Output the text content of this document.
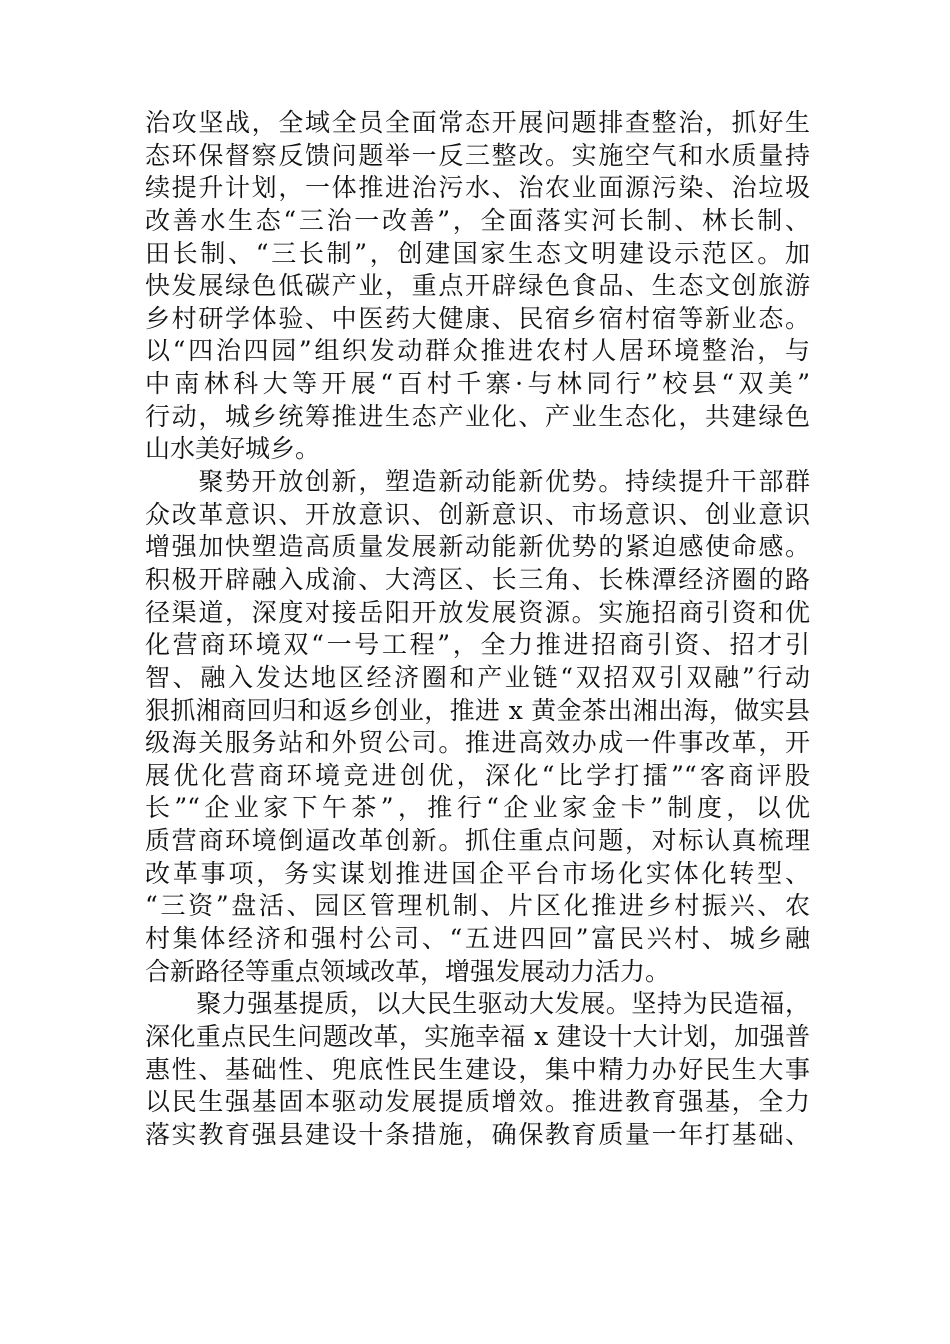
治攻坚战，全域全员全面常态开展问题排查整治，抓好生
态环保督察反馈问题举一反三整改。实施空气和水质量持
续提升计划，一体推进治污水、治农业面源污染、治垃圾
改善水生态“三治一改善”，全面落实河长制、林长制、
田长制、“三长制”，创建国家生态文明建设示范区。加
快发展绿色低碳产业，重点开辟绿色食品、生态文创旅游
乡村研学体验、中医药大健康、民宿乡宿村宿等新业态。
以“四治四园”组织发动群众推进农村人居环境整治，与
中南林科大等开展“百村千寨·与林同行”校县“双美”
行动，城乡统筹推进生态产业化、产业生态化，共建绿色
山水美好城乡。
　　聚势开放创新，塑造新动能新优势。持续提升干部群
众改革意识、开放意识、创新意识、市场意识、创业意识
增强加快塑造高质量发展新动能新优势的紧迫感使命感。
积极开辟融入成渝、大湾区、长三角、长株潭经济圈的路
径渠道，深度对接岳阳开放发展资源。实施招商引资和优
化营商环境双“一号工程”，全力推进招商引资、招才引
智、融入发达地区经济圈和产业链“双招双引双融”行动
狠抓湘商回归和返乡创业，推进 x 黄金茶出湘出海，做实县
级海关服务站和外贸公司。推进高效办成一件事改革，开
展优化营商环境竞进创优，深化“比学打擂”“客商评股
长”“企业家下午茶”，推行“企业家金卡”制度，以优
质营商环境倒逼改革创新。抓住重点问题，对标认真梳理
改革事项，务实谋划推进国企平台市场化实体化转型、
“三资”盘活、园区管理机制、片区化推进乡村振兴、农
村集体经济和强村公司、“五进四回”富民兴村、城乡融
合新路径等重点领域改革，增强发展动力活力。
　　聚力强基提质，以大民生驱动大发展。坚持为民造福，
深化重点民生问题改革，实施幸福 x 建设十大计划，加强普
惠性、基础性、兜底性民生建设，集中精力办好民生大事
以民生强基固本驱动发展提质增效。推进教育强基，全力
落实教育强县建设十条措施，确保教育质量一年打基础、
